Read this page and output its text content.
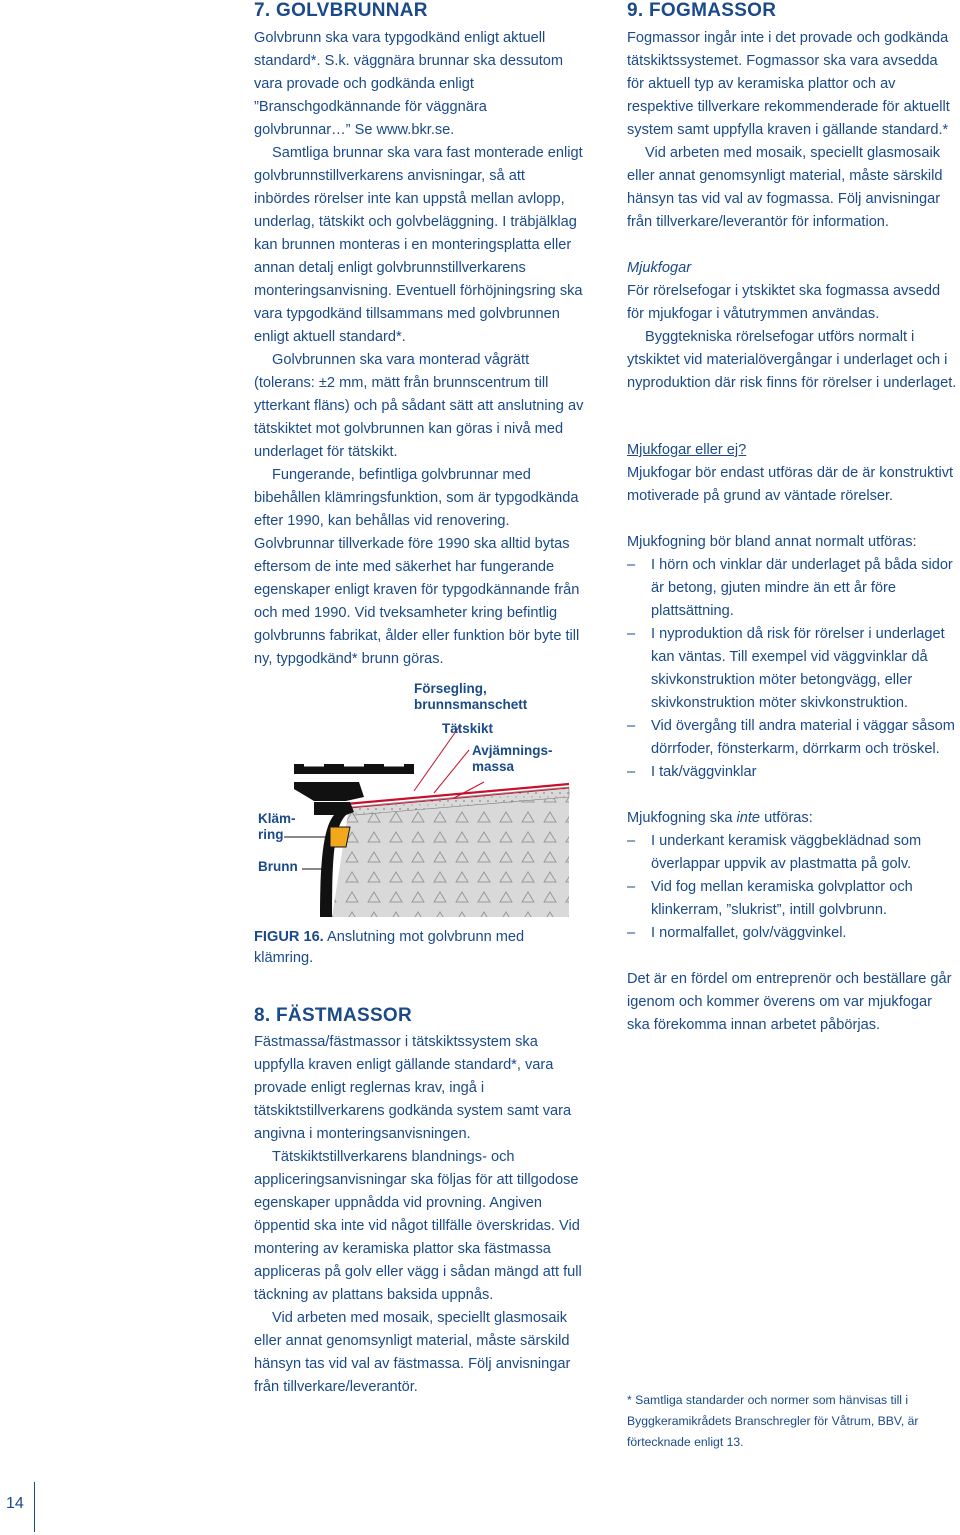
14
7. GOLVBRUNNAR

Golvbrunn ska vara typgodkänd enligt aktuell standard*. S.k. väggnära brunnar ska dessutom vara provade och godkända enligt ”Branschgodkännande för väggnära golvbrunnar…” Se www.bkr.se.

Samtliga brunnar ska vara fast monterade enligt golvbrunnstillverkarens anvisningar, så att inbördes rörelser inte kan uppstå mellan avlopp, underlag, tätskikt och golvbeläggning. I träbjälklag kan brunnen monteras i en monteringsplatta eller annan detalj enligt golvbrunnstillverkarens monteringsanvisning. Eventuell förhöjningsring ska vara typgodkänd tillsammans med golvbrunnen enligt aktuell standard*.

Golvbrunnen ska vara monterad vågrätt (tolerans: ±2 mm, mätt från brunnscentrum till ytterkant fläns) och på sådant sätt att anslutning av tätskiktet mot golvbrunnen kan göras i nivå med underlaget för tätskikt.

Fungerande, befintliga golvbrunnar med bibehållen klämringsfunktion, som är typgodkända efter 1990, kan behållas vid renovering. Golvbrunnar tillverkade före 1990 ska alltid bytas eftersom de inte med säkerhet har fungerande egenskaper enligt kraven för typgodkännande från och med 1990. Vid tveksamheter kring befintlig golvbrunns fabrikat, ålder eller funktion bör byte till ny, typgodkänd* brunn göras.

Försegling, brunnsmanschett
Tätskikt
Avjämnings-massa
Kläm-ring
Brunn
FIGUR 16. Anslutning mot golvbrunn med klämring.
8. FÄSTMASSOR

Fästmassa/fästmassor i tätskiktssystem ska uppfylla kraven enligt gällande standard*, vara provade enligt reglernas krav, ingå i tätskiktstillverkarens godkända system samt vara angivna i monteringsanvisningen.

Tätskiktstillverkarens blandnings- och appliceringsanvisningar ska följas för att tillgodose egenskaper uppnådda vid provning. Angiven öppentid ska inte vid något tillfälle överskridas. Vid montering av keramiska plattor ska fästmassa appliceras på golv eller vägg i sådan mängd att full täckning av plattans baksida uppnås.

Vid arbeten med mosaik, speciellt glasmosaik eller annat genomsynligt material, måste särskild hänsyn tas vid val av fästmassa. Följ anvisningar från tillverkare/leverantör.

9. FOGMASSOR

Fogmassor ingår inte i det provade och godkända tätskiktssystemet. Fogmassor ska vara avsedda för aktuell typ av keramiska plattor och av respektive tillverkare rekommenderade för aktuellt system samt uppfylla kraven i gällande standard.*

Vid arbeten med mosaik, speciellt glasmosaik eller annat genomsynligt material, måste särskild hänsyn tas vid val av fogmassa. Följ anvisningar från tillverkare/leverantör för information.

Mjukfogar

För rörelsefogar i ytskiktet ska fogmassa avsedd för mjukfogar i våtutrymmen användas.

Byggtekniska rörelsefogar utförs normalt i ytskiktet vid materialövergångar i underlaget och i nyproduktion där risk finns för rörelser i underlaget.

Mjukfogar eller ej?

Mjukfogar bör endast utföras där de är konstruktivt motiverade på grund av väntade rörelser.

Mjukfogning bör bland annat normalt utföras:

– I hörn och vinklar där underlaget på båda sidor är betong, gjuten mindre än ett år före plattsättning.
– I nyproduktion då risk för rörelser i underlaget kan väntas. Till exempel vid väggvinklar då skivkonstruktion möter betongvägg, eller skivkonstruktion möter skivkonstruktion.
– Vid övergång till andra material i väggar såsom dörrfoder, fönsterkarm, dörrkarm och tröskel.
– I tak/väggvinklar

Mjukfogning ska inte utföras:

– I underkant keramisk väggbeklädnad som överlappar uppvik av plastmatta på golv.
– Vid fog mellan keramiska golvplattor och klinkerram, ”slukrist”, intill golvbrunn.
– I normalfallet, golv/väggvinkel.

Det är en fördel om entreprenör och beställare går igenom och kommer överens om var mjukfogar ska förekomma innan arbetet påbörjas.

* Samtliga standarder och normer som hänvisas till i Byggkeramikrådets Branschregler för Våtrum, BBV, är förtecknade enligt 13.
